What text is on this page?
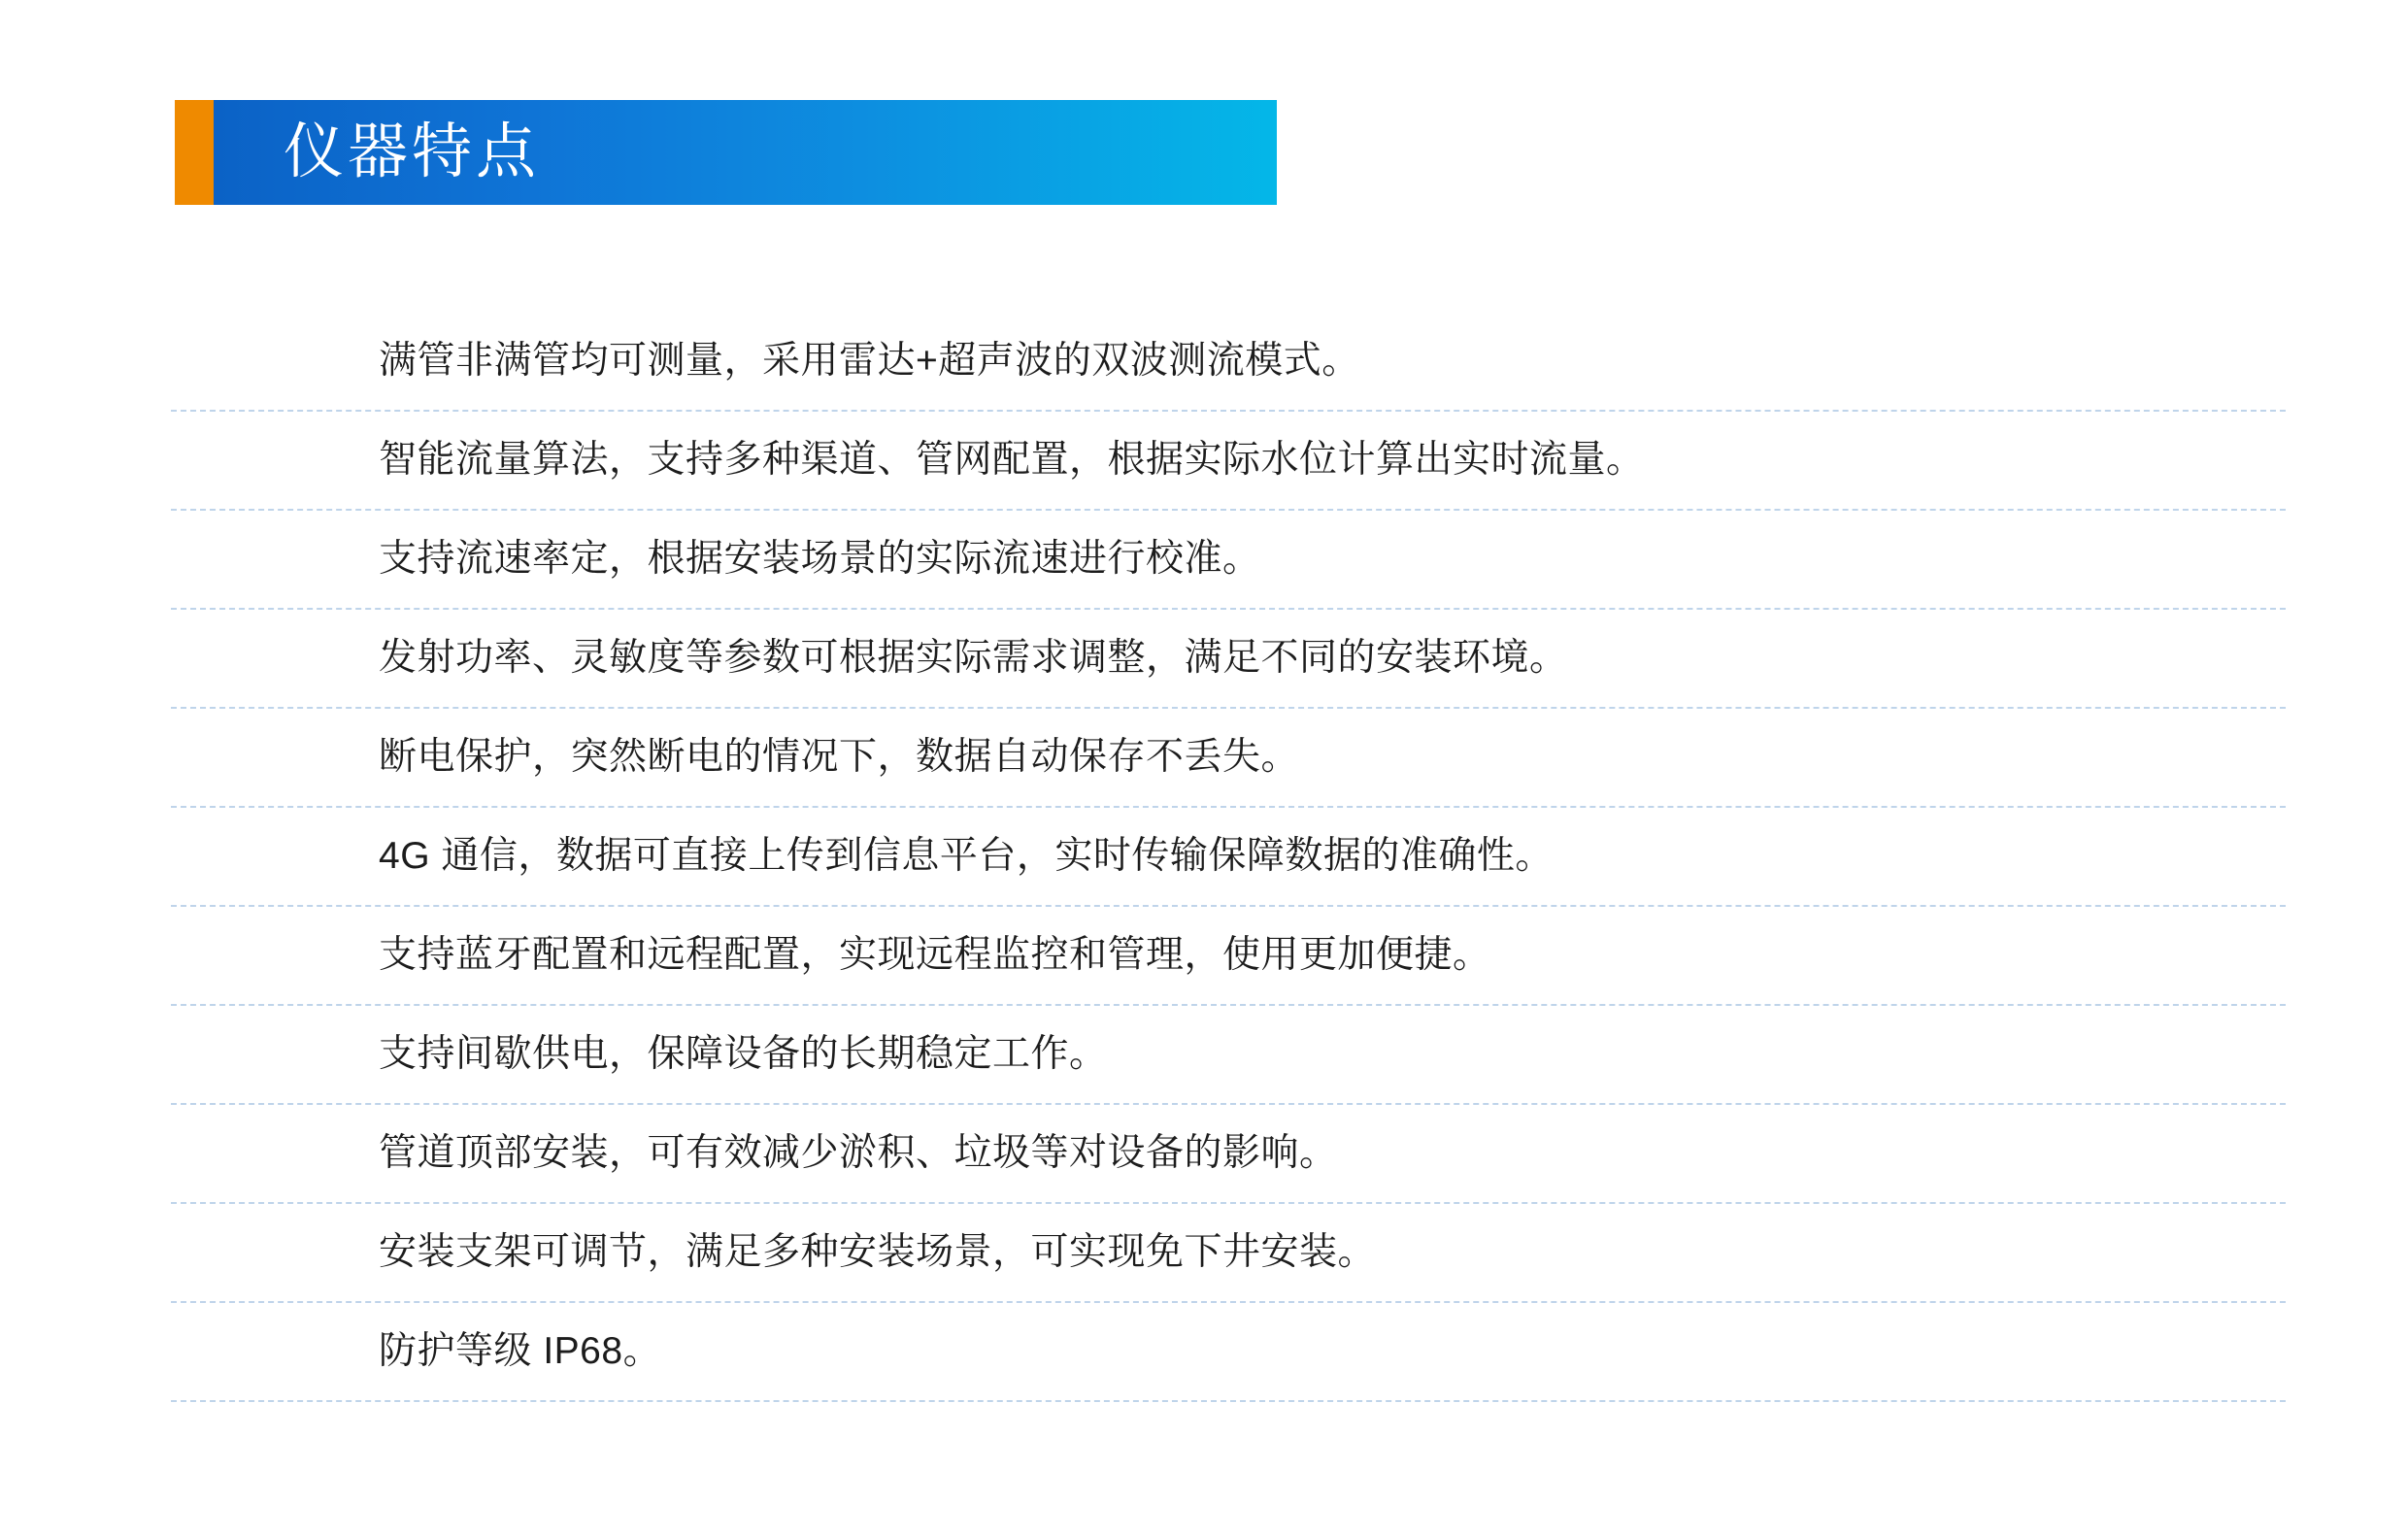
仪器特点
满管非满管均可测量，采用雷达+超声波的双波测流模式。
智能流量算法，支持多种渠道、管网配置，根据实际水位计算出实时流量。
支持流速率定，根据安装场景的实际流速进行校准。
发射功率、灵敏度等参数可根据实际需求调整，满足不同的安装环境。
断电保护，突然断电的情况下，数据自动保存不丢失。
4G 通信，数据可直接上传到信息平台，实时传输保障数据的准确性。
支持蓝牙配置和远程配置，实现远程监控和管理，使用更加便捷。
支持间歇供电，保障设备的长期稳定工作。
管道顶部安装，可有效减少淤积、垃圾等对设备的影响。
安装支架可调节，满足多种安装场景，可实现免下井安装。
防护等级 IP68。
